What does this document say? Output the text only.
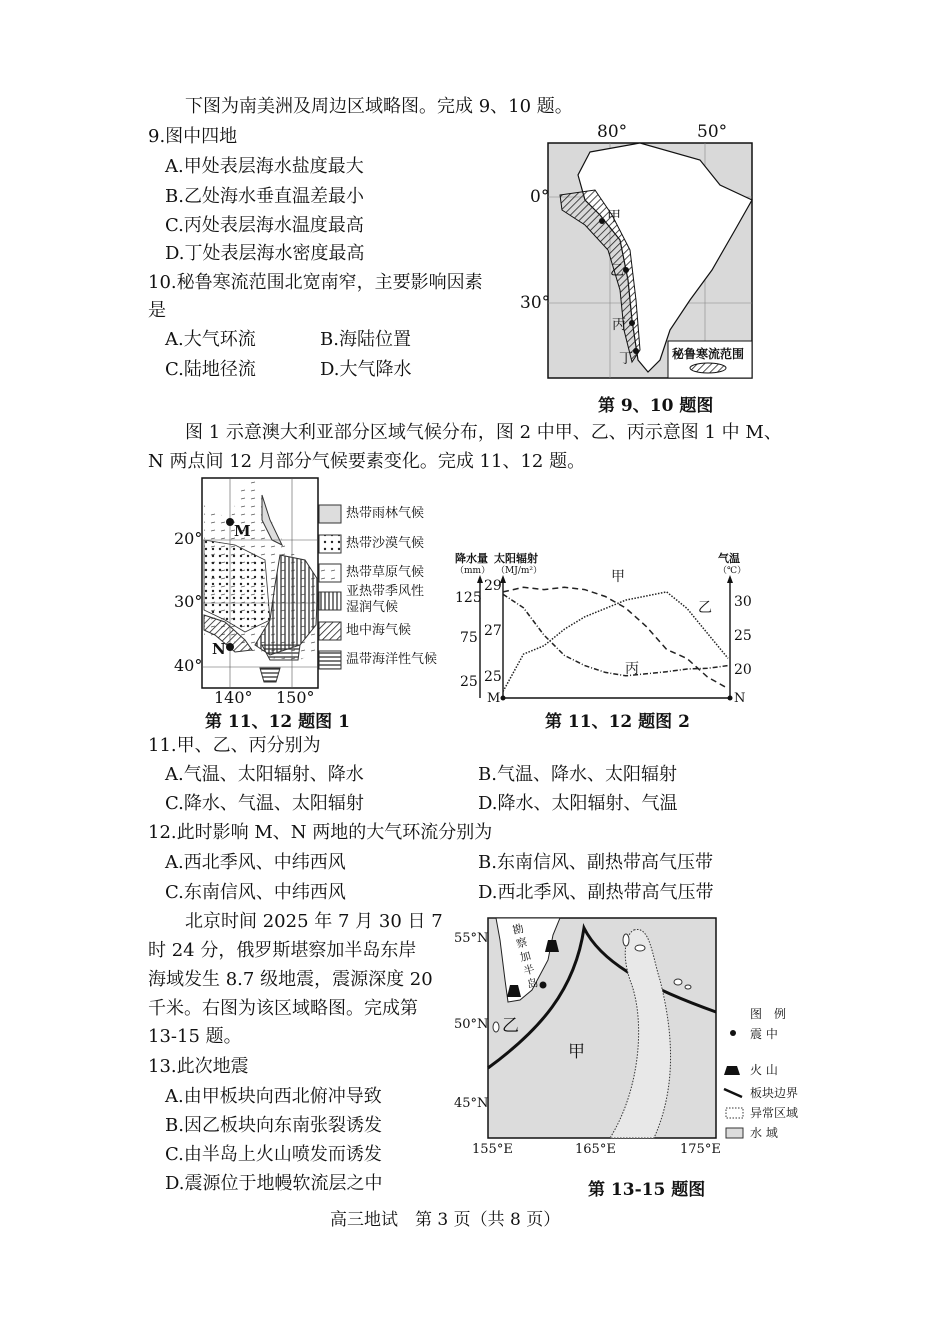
下图为南美洲及周边区域略图。完成 9、10 题。
9.图中四地
A.甲处表层海水盐度最大
B.乙处海水垂直温差最小
C.丙处表层海水温度最高
D.丁处表层海水密度最高
10.秘鲁寒流范围北宽南窄，主要影响因素
是
A.大气环流	B.海陆位置
C.陆地径流	D.大气降水
第 9、10 题图
图 1 示意澳大利亚部分区域气候分布，图 2 中甲、乙、丙示意图 1 中 M、
N 两点间 12 月部分气候要素变化。完成 11、12 题。
第 11、12 题图 1	第 11、12 题图 2
11.甲、乙、丙分别为
A.气温、太阳辐射、降水	B.气温、降水、太阳辐射
C.降水、气温、太阳辐射	D.降水、太阳辐射、气温
12.此时影响 M、N 两地的大气环流分别为
A.西北季风、中纬西风	B.东南信风、副热带高气压带
C.东南信风、中纬西风	D.西北季风、副热带高气压带
北京时间 2025 年 7 月 30 日 7
时 24 分，俄罗斯堪察加半岛东岸
海域发生 8.7 级地震，震源深度 20
千米。右图为该区域略图。完成第
13-15 题。
13.此次地震
A.由甲板块向西北俯冲导致
B.因乙板块向东南张裂诱发
C.由半岛上火山喷发而诱发
D.震源位于地幔软流层之中	第 13-15 题图
高三地试　第 3 页（共 8 页）
80°	50°
0°
30°
甲
乙
丙
丁	秘鲁寒流范围
20°
30°
40°
140° 150°
M
N
热带雨林气候
热带沙漠气候
热带草原气候
亚热带季风性
湿润气候
地中海气候
温带海洋性气候
降水量
（mm）
太阳辐射
（MJ/m²）
气温
（℃）
125
75
25
29
27
25
30
25
20
M	N
甲
乙
丙
55°N
50°N
45°N
155°E	165°E	175°E
勘察加半岛
甲
乙
图　例
震 中
火 山
板块边界
异常区域
水 域
